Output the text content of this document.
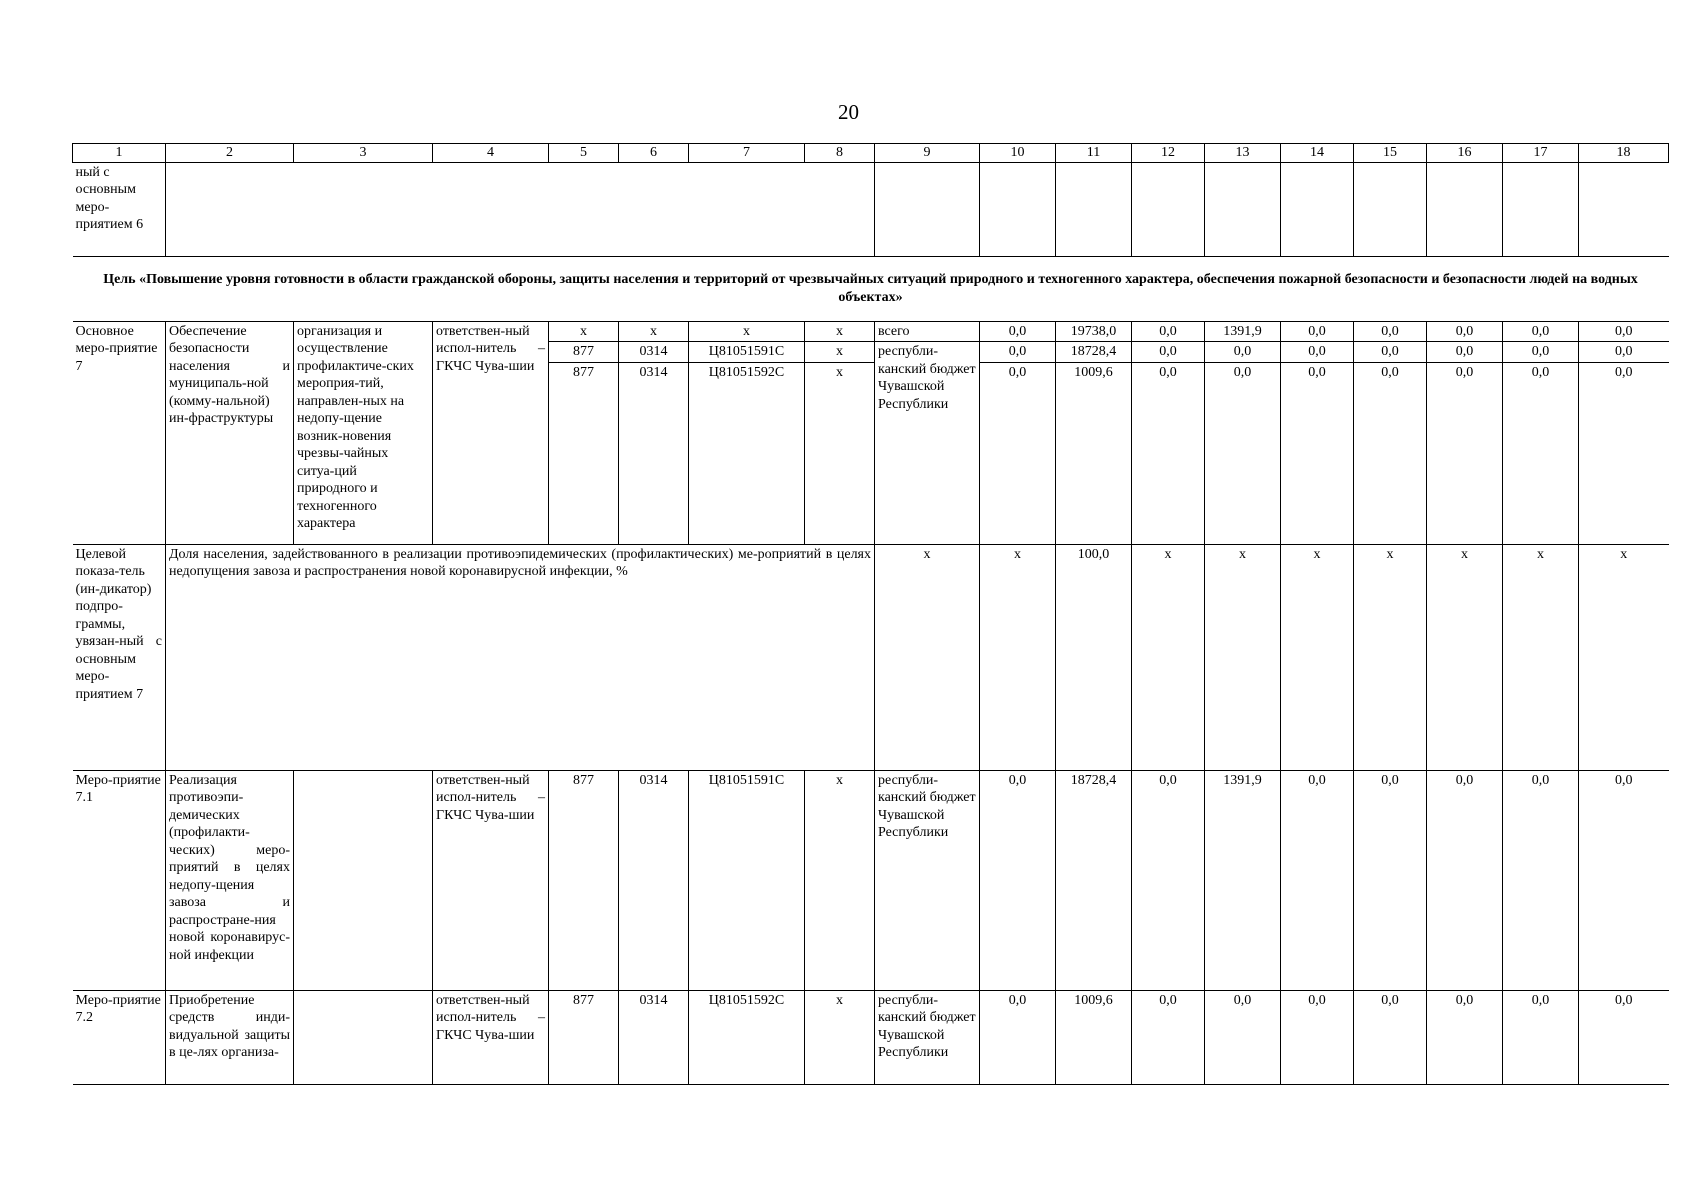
20
1	2	3	4	5	6	7	8	9	10	11	12	13	14	15	16	17	18
ный с основным меро-приятием 6																	
Цель «Повышение уровня готовности в области гражданской обороны, защиты населения и территорий от чрезвычайных ситуаций природного и техногенного характера, обеспечения пожарной безопасности и безопасности людей на водных объектах»																	
Основное меро-приятие 7	Обеспечение безопасности населения и муниципаль-ной (комму-нальной) ин-фраструктуры	организация и осуществление профилактиче-ских мероприя-тий, направлен-ных на недопу-щение возник-новения чрезвы-чайных ситуа-ций природного и техногенного характера	ответствен-ный испол-нитель – ГКЧС Чува-шии	x	x	x	x	всего	0,0	19738,0	0,0	1391,9	0,0	0,0	0,0	0,0	0,0
				877	0314	Ц81051591С	x	республи-канский бюджет Чувашской Республики	0,0	18728,4	0,0	0,0	0,0	0,0	0,0	0,0	0,0
				877	0314	Ц81051592С	x		0,0	1009,6	0,0	0,0	0,0	0,0	0,0	0,0	0,0
Целевой показа-тель (ин-дикатор) подпро-граммы, увязан-ный с основным меро-приятием 7	Доля населения, задействованного в реализации противоэпидемических (профилактических) ме-роприятий в целях недопущения завоза и распространения новой коронавирусной инфекции, %							x	x	100,0	x	x	x	x	x	x	x
Меро-приятие 7.1	Реализация противоэпи-демических (профилакти-ческих) меро-приятий в целях недопу-щения завоза и распростране-ния новой коронавирус-ной инфекции		ответствен-ный испол-нитель – ГКЧС Чува-шии	877	0314	Ц81051591С	x	республи-канский бюджет Чувашской Республики	0,0	18728,4	0,0	1391,9	0,0	0,0	0,0	0,0	0,0
Меро-приятие 7.2	Приобретение средств инди-видуальной защиты в це-лях организа-		ответствен-ный испол-нитель – ГКЧС Чува-шии	877	0314	Ц81051592С	x	республи-канский бюджет Чувашской Республики	0,0	1009,6	0,0	0,0	0,0	0,0	0,0	0,0	0,0
